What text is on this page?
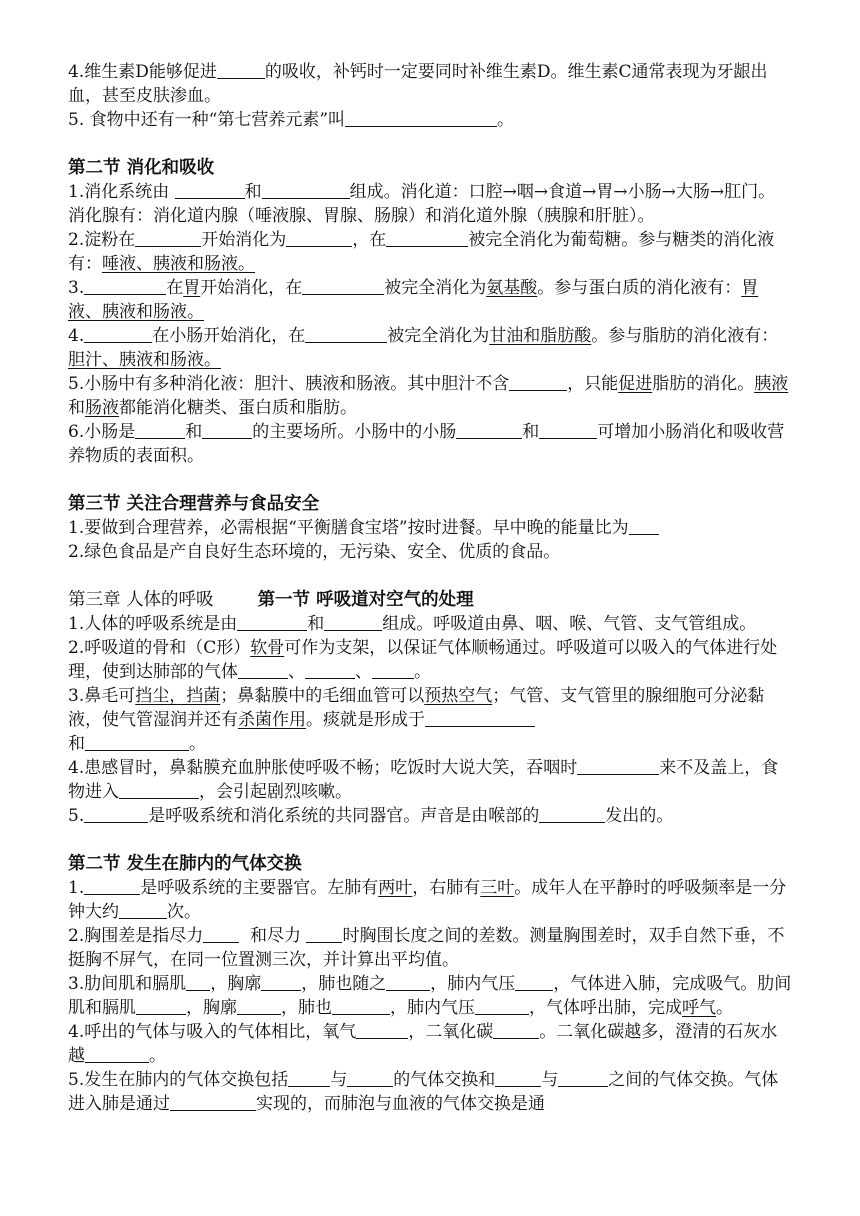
4.维生素D能够促进	的吸收，补钙时一定要同时补维生素D。维生素C通常表现为牙龈出血，甚至皮肤渗血。

5. 食物中还有一种“第七营养元素”叫	。

第二节 消化和吸收

1.消化系统由	和	组成。消化道：口腔→咽→食道→胃→小肠→大肠→肛门。消化腺有：消化道内腺（唾液腺、胃腺、肠腺）和消化道外腺（胰腺和肝脏）。

2.淀粉在	开始消化为	，在	被完全消化为葡萄糖。参与糖类的消化液有：唾液、胰液和肠液。

3.	在胃开始消化，在	被完全消化为氨基酸。参与蛋白质的消化液有：胃液、胰液和肠液。

4.	在小肠开始消化，在	被完全消化为甘油和脂肪酸。参与脂肪的消化液有：胆汁、胰液和肠液。

5.小肠中有多种消化液：胆汁、胰液和肠液。其中胆汁不含	，只能促进脂肪的消化。胰液和肠液都能消化糖类、蛋白质和脂肪。

6.小肠是	和	的主要场所。小肠中的小肠	和	可增加小肠消化和吸收营养物质的表面积。

第三节 关注合理营养与食品安全

1.要做到合理营养，必需根据“平衡膳食宝塔”按时进餐。早中晚的能量比为

2.绿色食品是产自良好生态环境的，无污染、安全、优质的食品。

第三章 人体的呼吸	第一节 呼吸道对空气的处理

1.人体的呼吸系统是由	和	组成。呼吸道由鼻、咽、喉、气管、支气管组成。

2.呼吸道的骨和（C形）软骨可作为支架，以保证气体顺畅通过。呼吸道可以吸入的气体进行处理，使到达肺部的气体	、	、 。

3.鼻毛可挡尘，挡菌；鼻黏膜中的毛细血管可以预热空气；气管、支气管里的腺细胞可分泌黏液，使气管湿润并还有杀菌作用。痰就是形成于
和	。

4.患感冒时，鼻黏膜充血肿胀使呼吸不畅；吃饭时大说大笑，吞咽时	来不及盖上，食物进入	，会引起剧烈咳嗽。

5.	是呼吸系统和消化系统的共同器官。声音是由喉部的	发出的。

第二节 发生在肺内的气体交换

1.	是呼吸系统的主要器官。左肺有两叶，右肺有三叶。成年人在平静时的呼吸频率是一分钟大约	次。

2.胸围差是指尽力  和尽力 时胸围长度之间的差数。测量胸围差时，双手自然下垂，不挺胸不屏气，在同一位置测三次，并计算出平均值。

3.肋间肌和膈肌 ，胸廓 ，肺也随之	，肺内气压 ，气体进入肺，完成吸气。肋间肌和膈肌	，胸廓	，肺也	，肺内气压	，气体呼出肺，完成呼气。

4.呼出的气体与吸入的气体相比，氧气	，二氧化碳	。二氧化碳越多，澄清的石灰水越	。

5.发生在肺内的气体交换包括 与	的气体交换和	与	之间的气体交换。气体进入肺是通过	实现的，而肺泡与血液的气体交换是通
